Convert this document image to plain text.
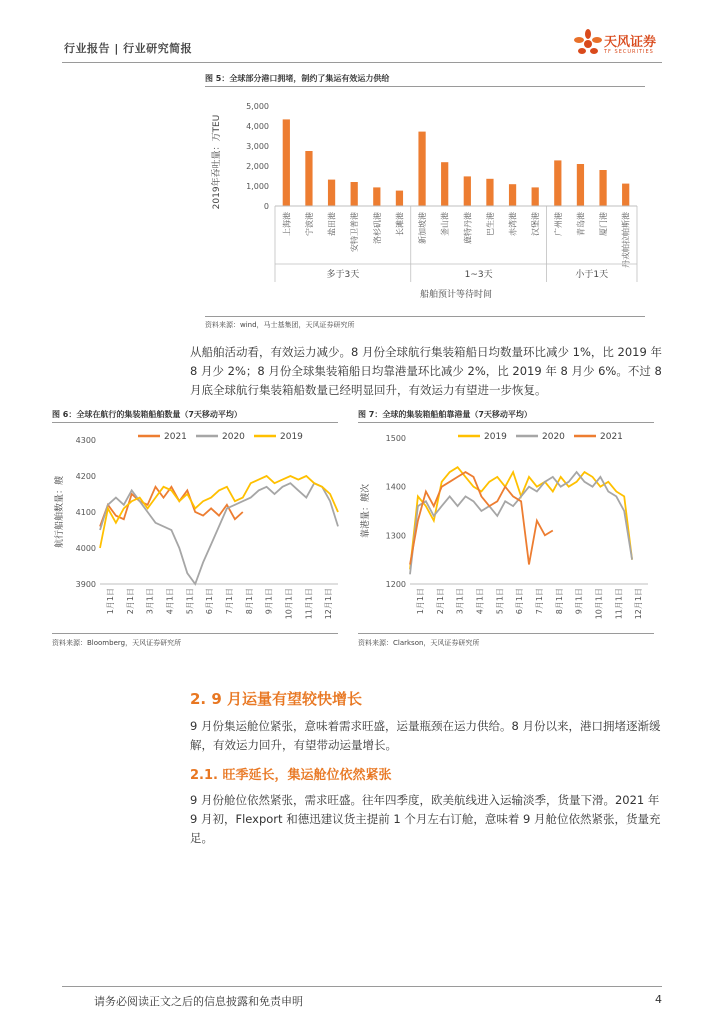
行业报告 | 行业研究简报	天风证券
TF SECURITIES
图 5：全球部分港口拥堵，制约了集运有效运力供给
5,000
4,000
3,000
2,000
1,000
0
2019年吞吐量：万TEU
上海港 宁波港 盐田港 安特卫普港 洛杉矶港 长滩港 新加坡港 釜山港 鹿特丹港 巴生港 赤湾港 汉堡港 广州港 青岛港 厦门港 丹戎帕拉帕斯港
多于3天	1~3天	小于1天
船舶预计等待时间
资料来源：wind，马士基集团，天风证券研究所
从船舶活动看，有效运力减少。8 月份全球航行集装箱船日均数量环比减少 1%，比 2019 年 8 月少 2%；8 月份全球集装箱船日均靠港量环比减少 2%，比 2019 年 8 月少 6%。不过 8 月底全球航行集装箱船数量已经明显回升，有效运力有望进一步恢复。
图 6：全球在航行的集装箱船舶数量（7天移动平均）
4300
4200
4100
4000
3900
航行船舶数量：艘
1月1日 2月1日 3月1日 4月1日 5月1日 6月1日 7月1日 8月1日 9月1日 10月1日 11月1日 12月1日
2021	2020	2019
资料来源：Bloomberg，天风证券研究所
图 7：全球的集装箱船舶靠港量（7天移动平均）
1500
1400
1300
1200
靠港量：艘次
1月1日 2月1日 3月1日 4月1日 5月1日 6月1日 7月1日 8月1日 9月1日 10月1日 11月1日 12月1日
2019	2020	2021
资料来源：Clarkson，天风证券研究所
2. 9 月运量有望较快增长
9 月份集运舱位紧张，意味着需求旺盛，运量瓶颈在运力供给。8 月份以来，港口拥堵逐渐缓解，有效运力回升，有望带动运量增长。
2.1. 旺季延长，集运舱位依然紧张
9 月份舱位依然紧张，需求旺盛。往年四季度，欧美航线进入运输淡季，货量下滑。2021 年 9 月初，Flexport 和德迅建议货主提前 1 个月左右订舱，意味着 9 月舱位依然紧张，货量充足。
请务必阅读正文之后的信息披露和免责申明	4
